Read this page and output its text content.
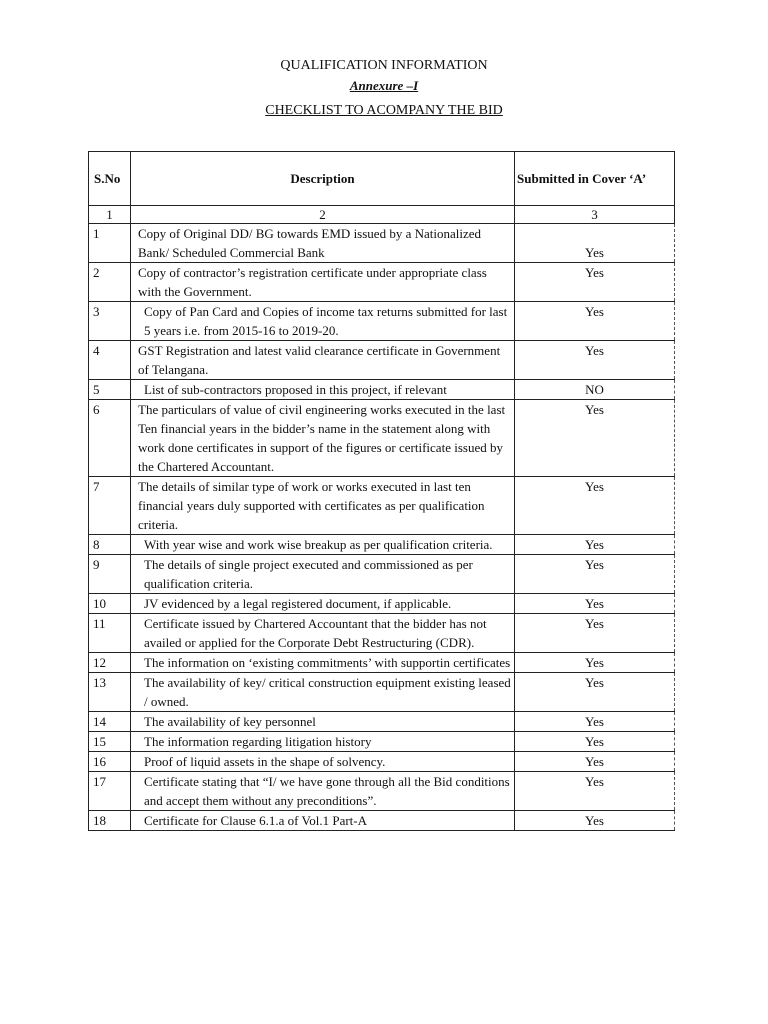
QUALIFICATION INFORMATION
Annexure –I
CHECKLIST TO ACOMPANY THE BID
S.No	Description	Submitted in Cover ‘A’
1	2	3
1	Copy of Original DD/ BG towards EMD issued by a Nationalized Bank/ Scheduled Commercial Bank	Yes
2	Copy of contractor’s registration certificate under appropriate class with the Government.	Yes
3	Copy of Pan Card and Copies of income tax returns submitted for last 5 years i.e. from 2015-16 to 2019-20.	Yes
4	GST Registration and latest valid clearance certificate in Government of Telangana.	Yes
5	List of sub-contractors proposed in this project, if relevant	NO
6	The particulars of value of civil engineering works executed in the last Ten financial years in the bidder’s name in the statement along with work done certificates in support of the figures or certificate issued by the Chartered Accountant.	Yes
7	The details of similar type of work or works executed in last ten financial years duly supported with certificates as per qualification criteria.	Yes
8	With year wise and work wise breakup as per qualification criteria.	Yes
9	The details of single project executed and commissioned as per qualification criteria.	Yes
10	JV evidenced by a legal registered document, if applicable.	Yes
11	Certificate issued by Chartered Accountant that the bidder has not availed or applied for the Corporate Debt Restructuring (CDR).	Yes
12	The information on ‘existing commitments’ with supportin certificates	Yes
13	The availability of key/ critical construction equipment existing leased / owned.	Yes
14	The availability of key personnel	Yes
15	The information regarding litigation history	Yes
16	Proof of liquid assets in the shape of solvency.	Yes
17	Certificate stating that “I/ we have gone through all the Bid conditions and accept them without any preconditions”.	Yes
18	Certificate for Clause 6.1.a of Vol.1 Part-A	Yes
